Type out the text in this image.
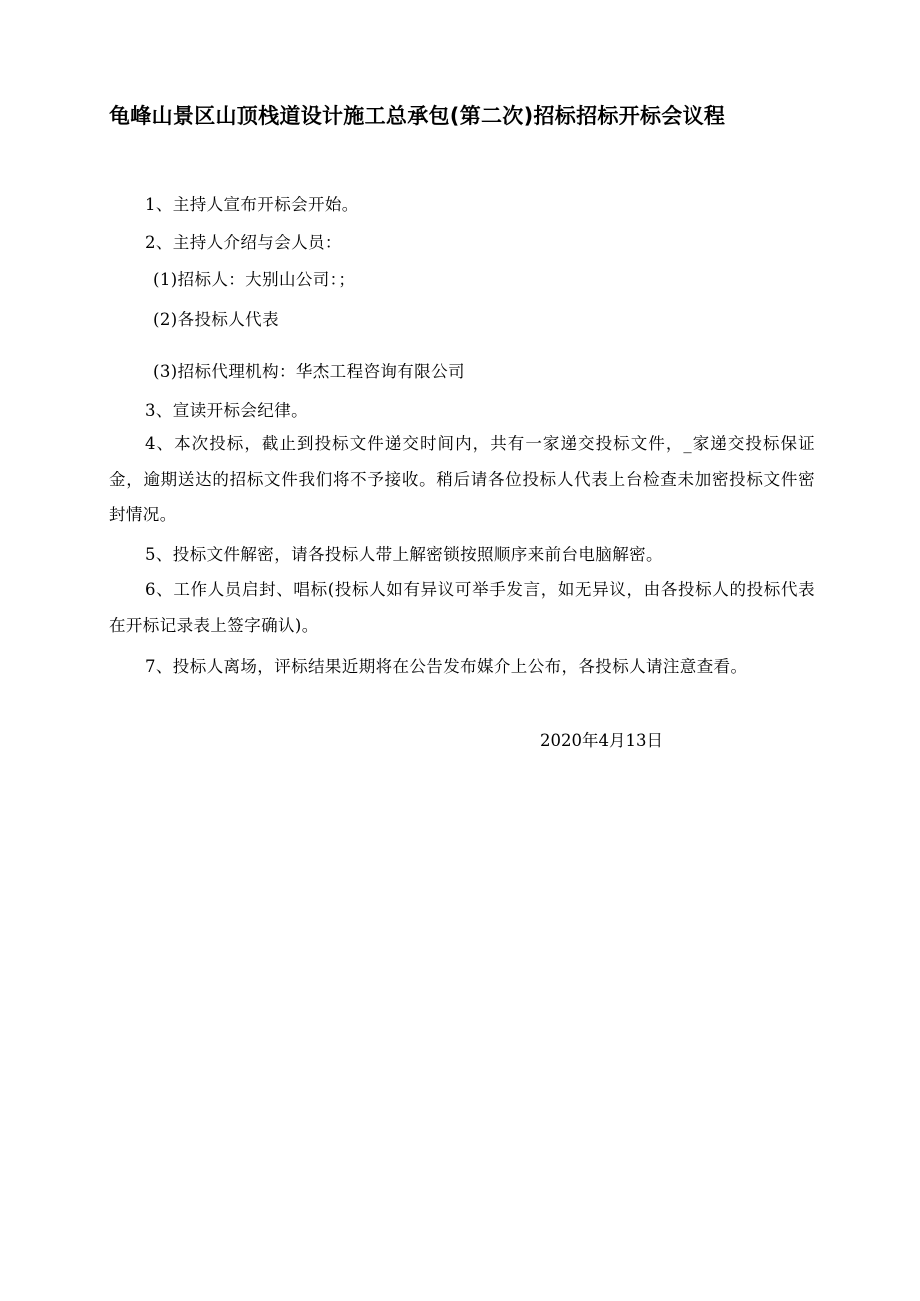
龟峰山景区山顶栈道设计施工总承包(第二次)招标招标开标会议程
1、主持人宣布开标会开始。
2、主持人介绍与会人员：
(1)招标人：大别山公司：；
(2)各投标人代表
(3)招标代理机构：华杰工程咨询有限公司
3、宣读开标会纪律。
4、本次投标，截止到投标文件递交时间内，共有一家递交投标文件，_家递交投标保证金，逾期送达的招标文件我们将不予接收。稍后请各位投标人代表上台检查未加密投标文件密封情况。
5、投标文件解密，请各投标人带上解密锁按照顺序来前台电脑解密。
6、工作人员启封、唱标(投标人如有异议可举手发言，如无异议，由各投标人的投标代表在开标记录表上签字确认)。
7、投标人离场，评标结果近期将在公告发布媒介上公布，各投标人请注意查看。
2020年4月13日
